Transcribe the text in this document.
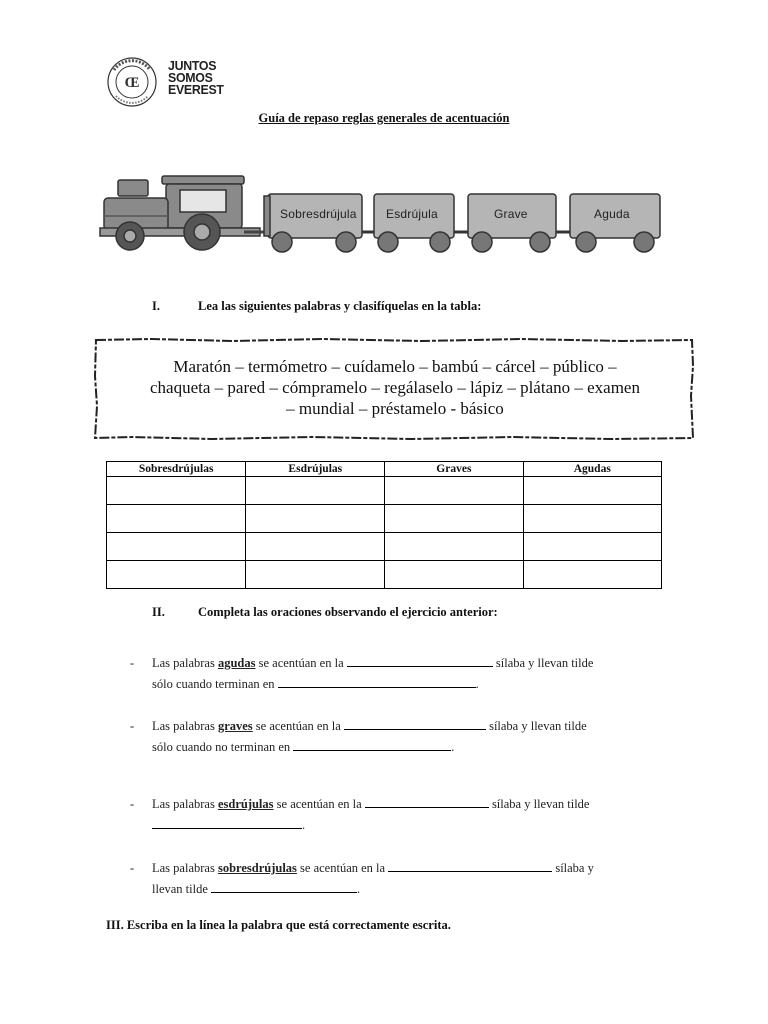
Œ
JUNTOS
SOMOS
EVEREST
Guía de repaso reglas generales de acentuación
Sobresdrújula Esdrújula	Grave	Aguda
I.	Lea las siguientes palabras y clasifíquelas en la tabla:
Maratón – termómetro – cuídamelo – bambú – cárcel – público –
chaqueta – pared – cómpramelo – regálaselo – lápiz – plátano – examen
– mundial – préstamelo - básico
Sobresdrújulas	Esdrújulas	Graves	Agudas

II.	Completa las oraciones observando el ejercicio anterior:
- Las palabras agudas se acentúan en la	sílaba y llevan tilde
sólo cuando terminan en	.
- Las palabras graves se acentúan en la	sílaba y llevan tilde
sólo cuando no terminan en	.
- Las palabras esdrújulas se acentúan en la	sílaba y llevan tilde
.
- Las palabras sobresdrújulas se acentúan en la	sílaba y
llevan tilde	.
III. Escriba en la línea la palabra que está correctamente escrita.
